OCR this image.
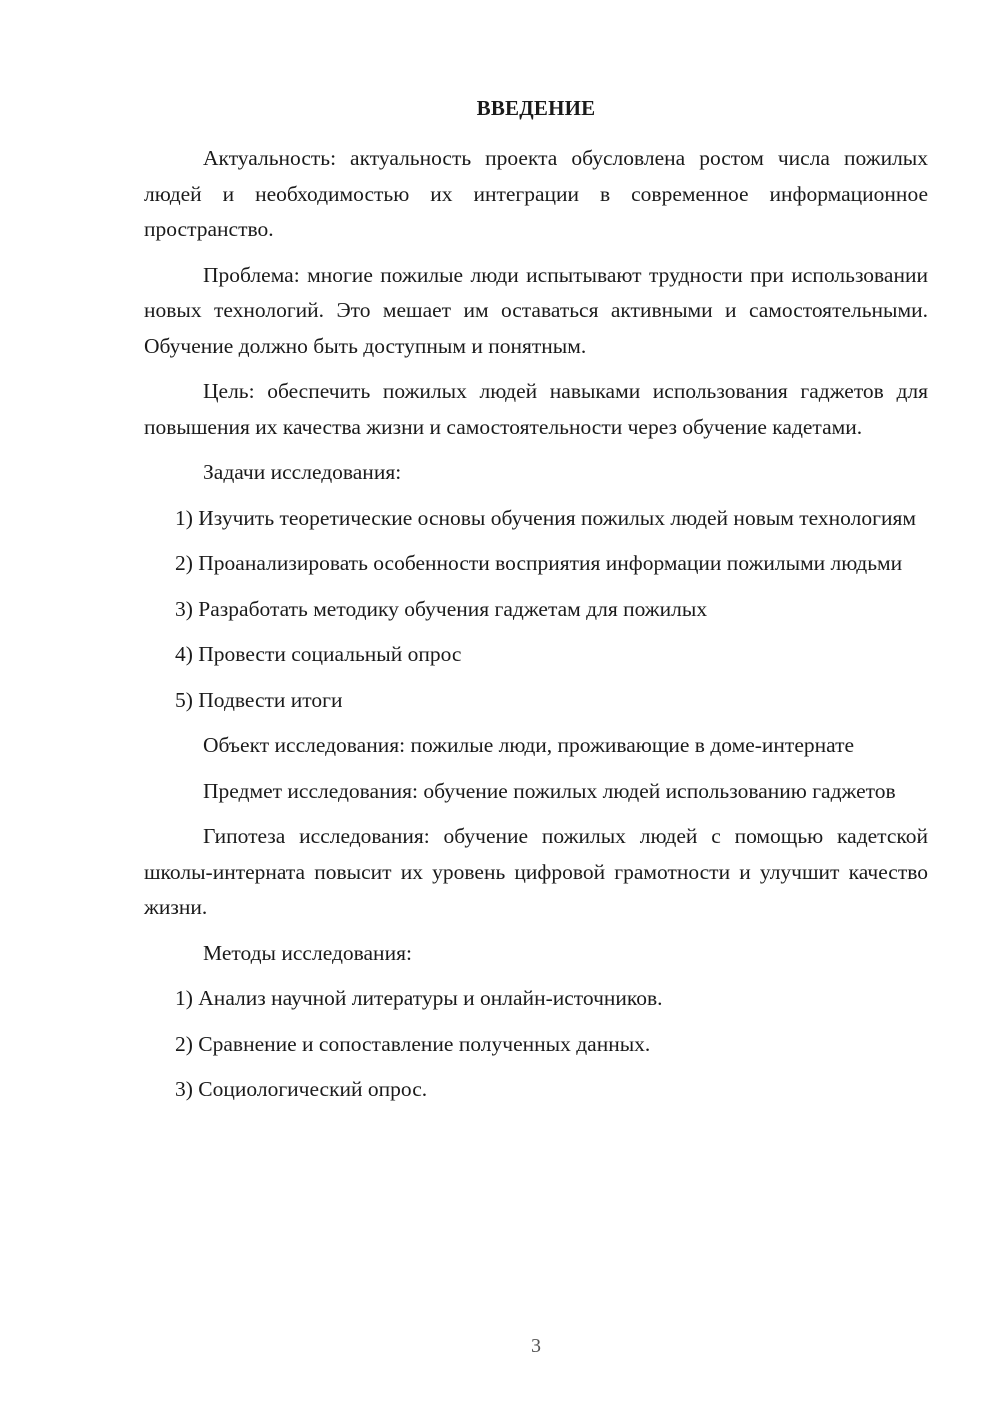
ВВЕДЕНИЕ

Актуальность: актуальность проекта обусловлена ростом числа пожилых людей и необходимостью их интеграции в современное информационное пространство.

Проблема: многие пожилые люди испытывают трудности при использовании новых технологий. Это мешает им оставаться активными и самостоятельными. Обучение должно быть доступным и понятным.

Цель: обеспечить пожилых людей навыками использования гаджетов для повышения их качества жизни и самостоятельности через обучение кадетами.

Задачи исследования:

1) Изучить теоретические основы обучения пожилых людей новым технологиям

2) Проанализировать особенности восприятия информации пожилыми людьми

3) Разработать методику обучения гаджетам для пожилых

4) Провести социальный опрос

5) Подвести итоги

Объект исследования: пожилые люди, проживающие в доме-интернате

Предмет исследования: обучение пожилых людей использованию гаджетов

Гипотеза исследования: обучение пожилых людей с помощью кадетской школы-интерната повысит их уровень цифровой грамотности и улучшит качество жизни.

Методы исследования:

1) Анализ научной литературы и онлайн-источников.

2) Сравнение и сопоставление полученных данных.

3) Социологический опрос.

3
